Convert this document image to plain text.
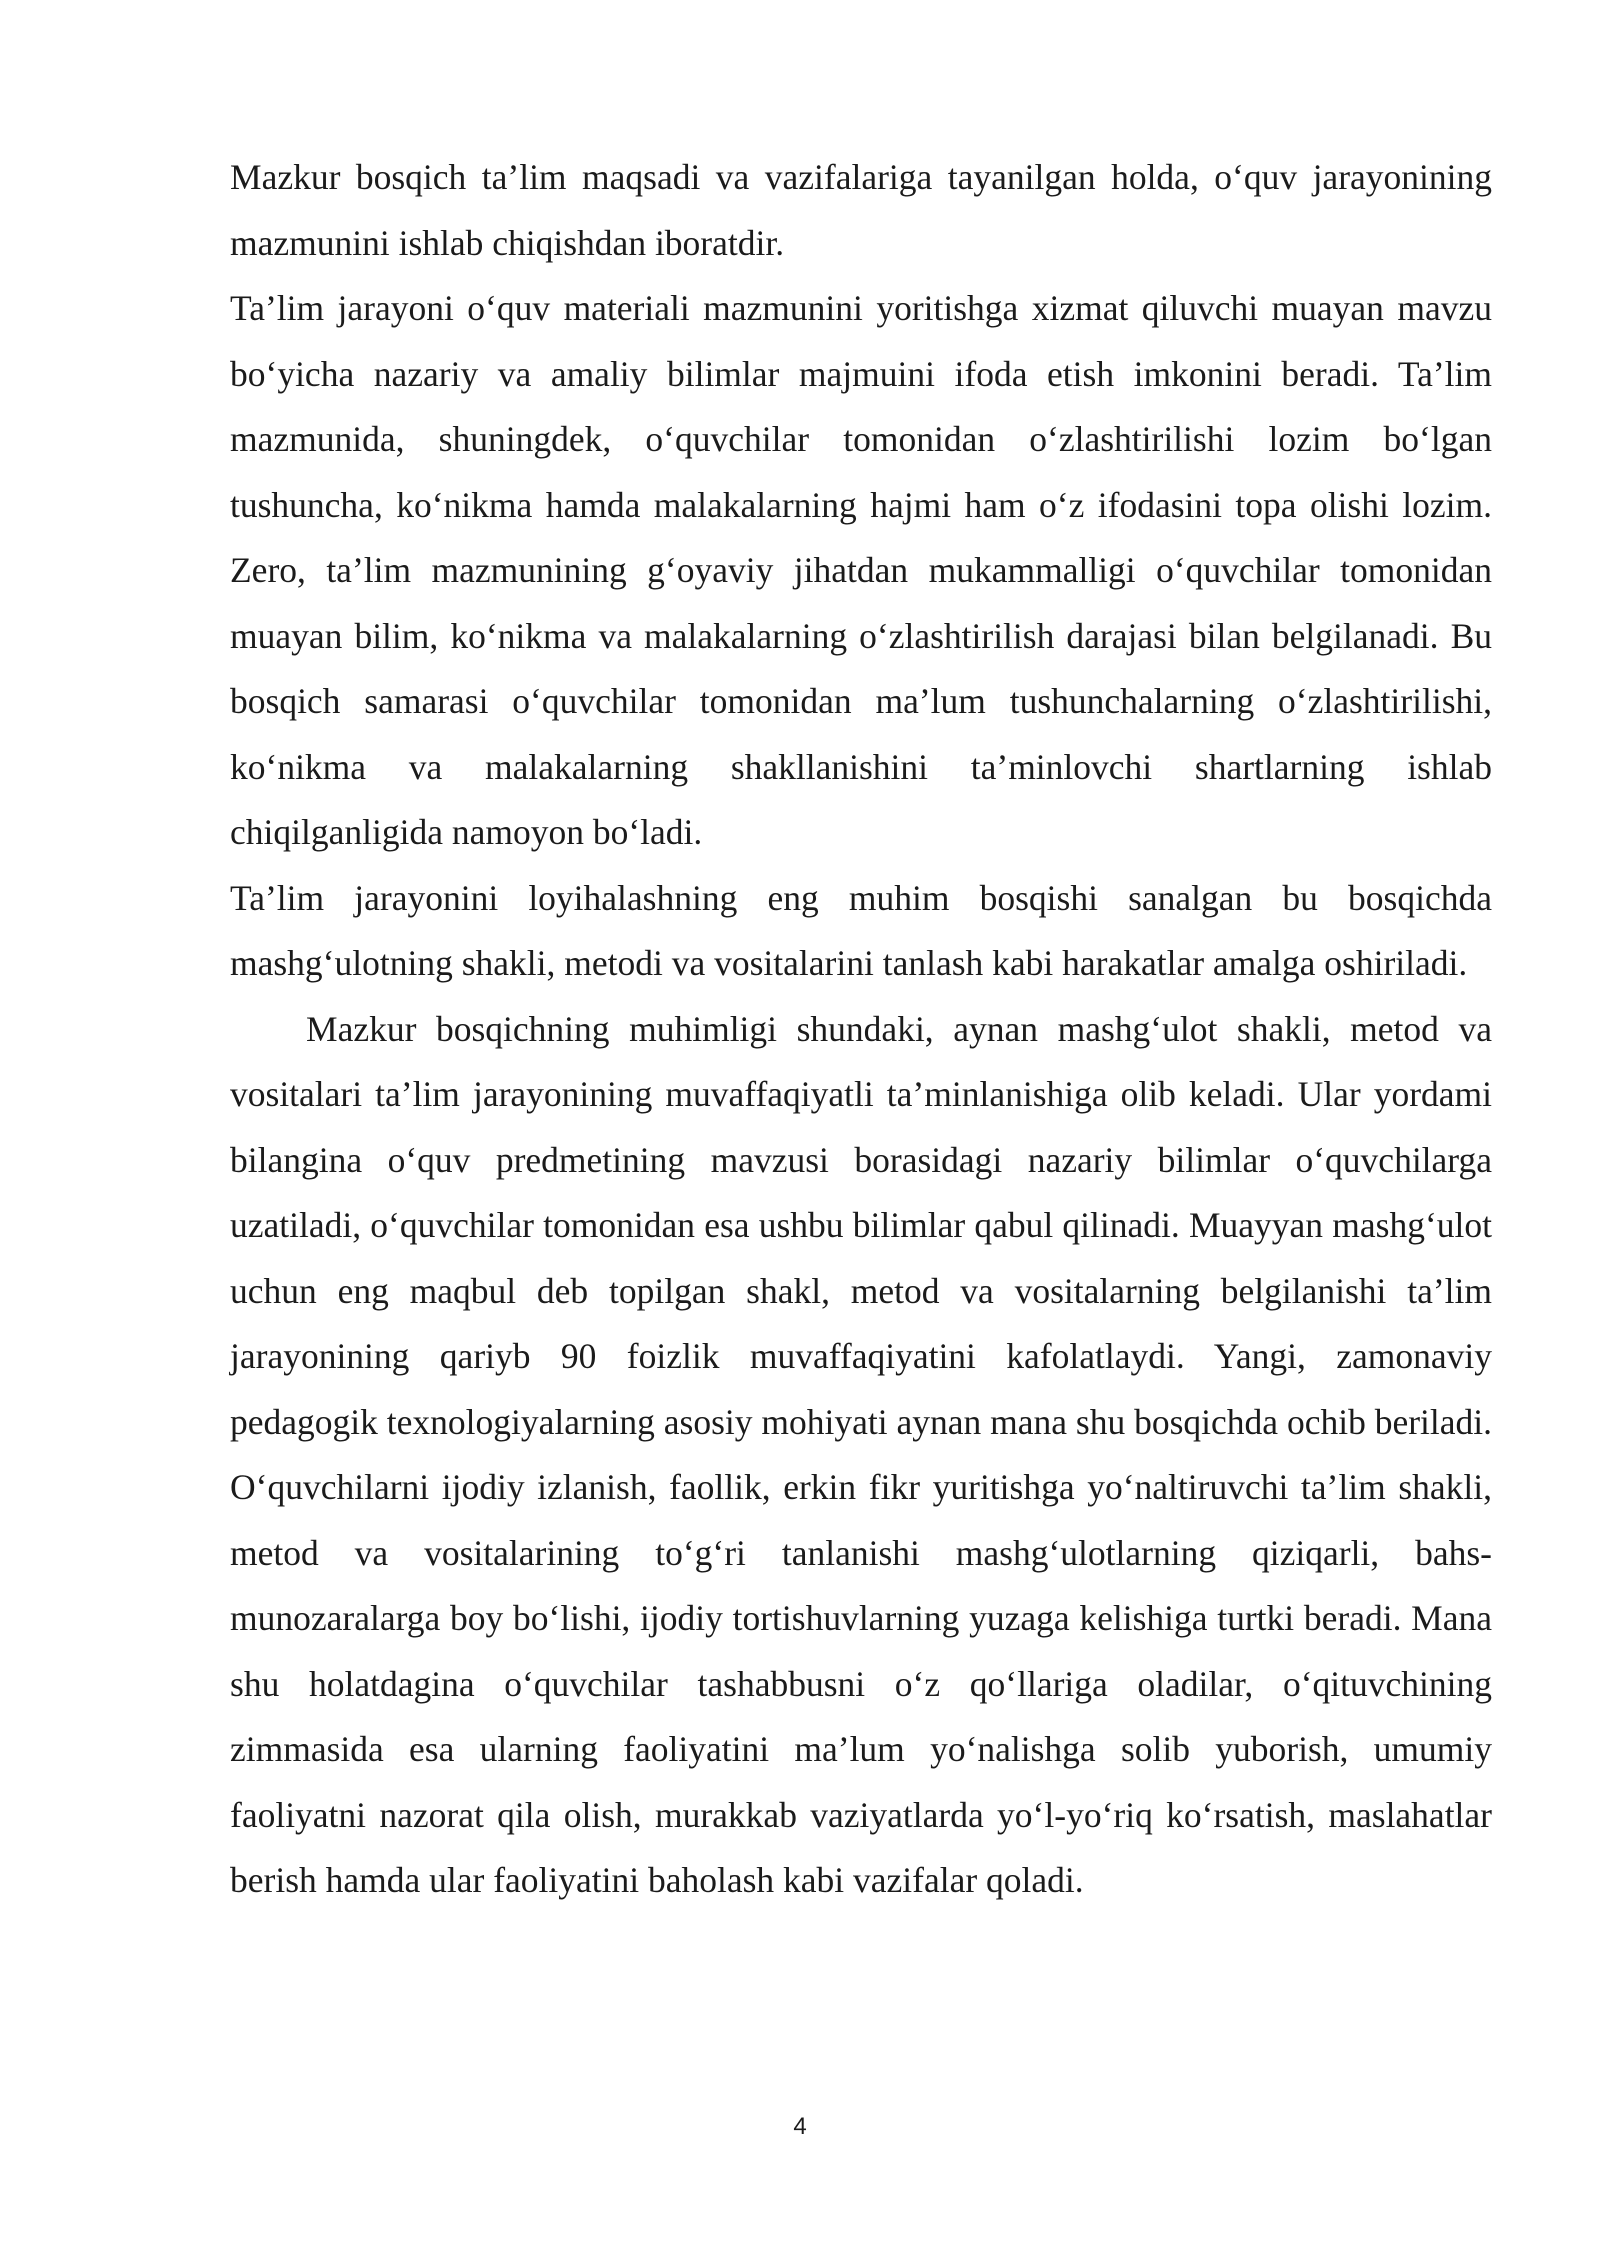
Mazkur bosqich ta’lim maqsadi va vazifalariga tayanilgan holda, o‘quv jarayonining mazmunini ishlab chiqishdan iboratdir.

Ta’lim jarayoni o‘quv materiali mazmunini yoritishga xizmat qiluvchi muayan mavzu bo‘yicha nazariy va amaliy bilimlar majmuini ifoda etish imkonini beradi. Ta’lim mazmunida, shuningdek, o‘quvchilar tomonidan o‘zlashtirilishi lozim bo‘lgan tushuncha, ko‘nikma hamda malakalarning hajmi ham o‘z ifodasini topa olishi lozim. Zero, ta’lim mazmunining g‘oyaviy jihatdan mukammalligi o‘quvchilar tomonidan muayan bilim, ko‘nikma va malakalarning o‘zlashtirilish darajasi bilan belgilanadi. Bu bosqich samarasi o‘quvchilar tomonidan ma’lum tushunchalarning o‘zlashtirilishi, ko‘nikma va malakalarning shakllanishini ta’minlovchi shartlarning ishlab chiqilganligida namoyon bo‘ladi.

Ta’lim jarayonini loyihalashning eng muhim bosqishi sanalgan bu bosqichda mashg‘ulotning shakli, metodi va vositalarini tanlash kabi harakatlar amalga oshiriladi.

Mazkur bosqichning muhimligi shundaki, aynan mashg‘ulot shakli, metod va vositalari ta’lim jarayonining muvaffaqiyatli ta’minlanishiga olib keladi. Ular yordami bilangina o‘quv predmetining mavzusi borasidagi nazariy bilimlar o‘quvchilarga uzatiladi, o‘quvchilar tomonidan esa ushbu bilimlar qabul qilinadi. Muayyan mashg‘ulot uchun eng maqbul deb topilgan shakl, metod va vositalarning belgilanishi ta’lim jarayonining qariyb 90 foizlik muvaffaqiyatini kafolatlaydi. Yangi, zamonaviy pedagogik texnologiyalarning asosiy mohiyati aynan mana shu bosqichda ochib beriladi. O‘quvchilarni ijodiy izlanish, faollik, erkin fikr yuritishga yo‘naltiruvchi ta’lim shakli, metod va vositalarining to‘g‘ri tanlanishi mashg‘ulotlarning qiziqarli, bahs-munozaralarga boy bo‘lishi, ijodiy tortishuvlarning yuzaga kelishiga turtki beradi. Mana shu holatdagina o‘quvchilar tashabbusni o‘z qo‘llariga oladilar, o‘qituvchining zimmasida esa ularning faoliyatini ma’lum yo‘nalishga solib yuborish, umumiy faoliyatni nazorat qila olish, murakkab vaziyatlarda yo‘l-yo‘riq ko‘rsatish, maslahatlar berish hamda ular faoliyatini baholash kabi vazifalar qoladi.

4
